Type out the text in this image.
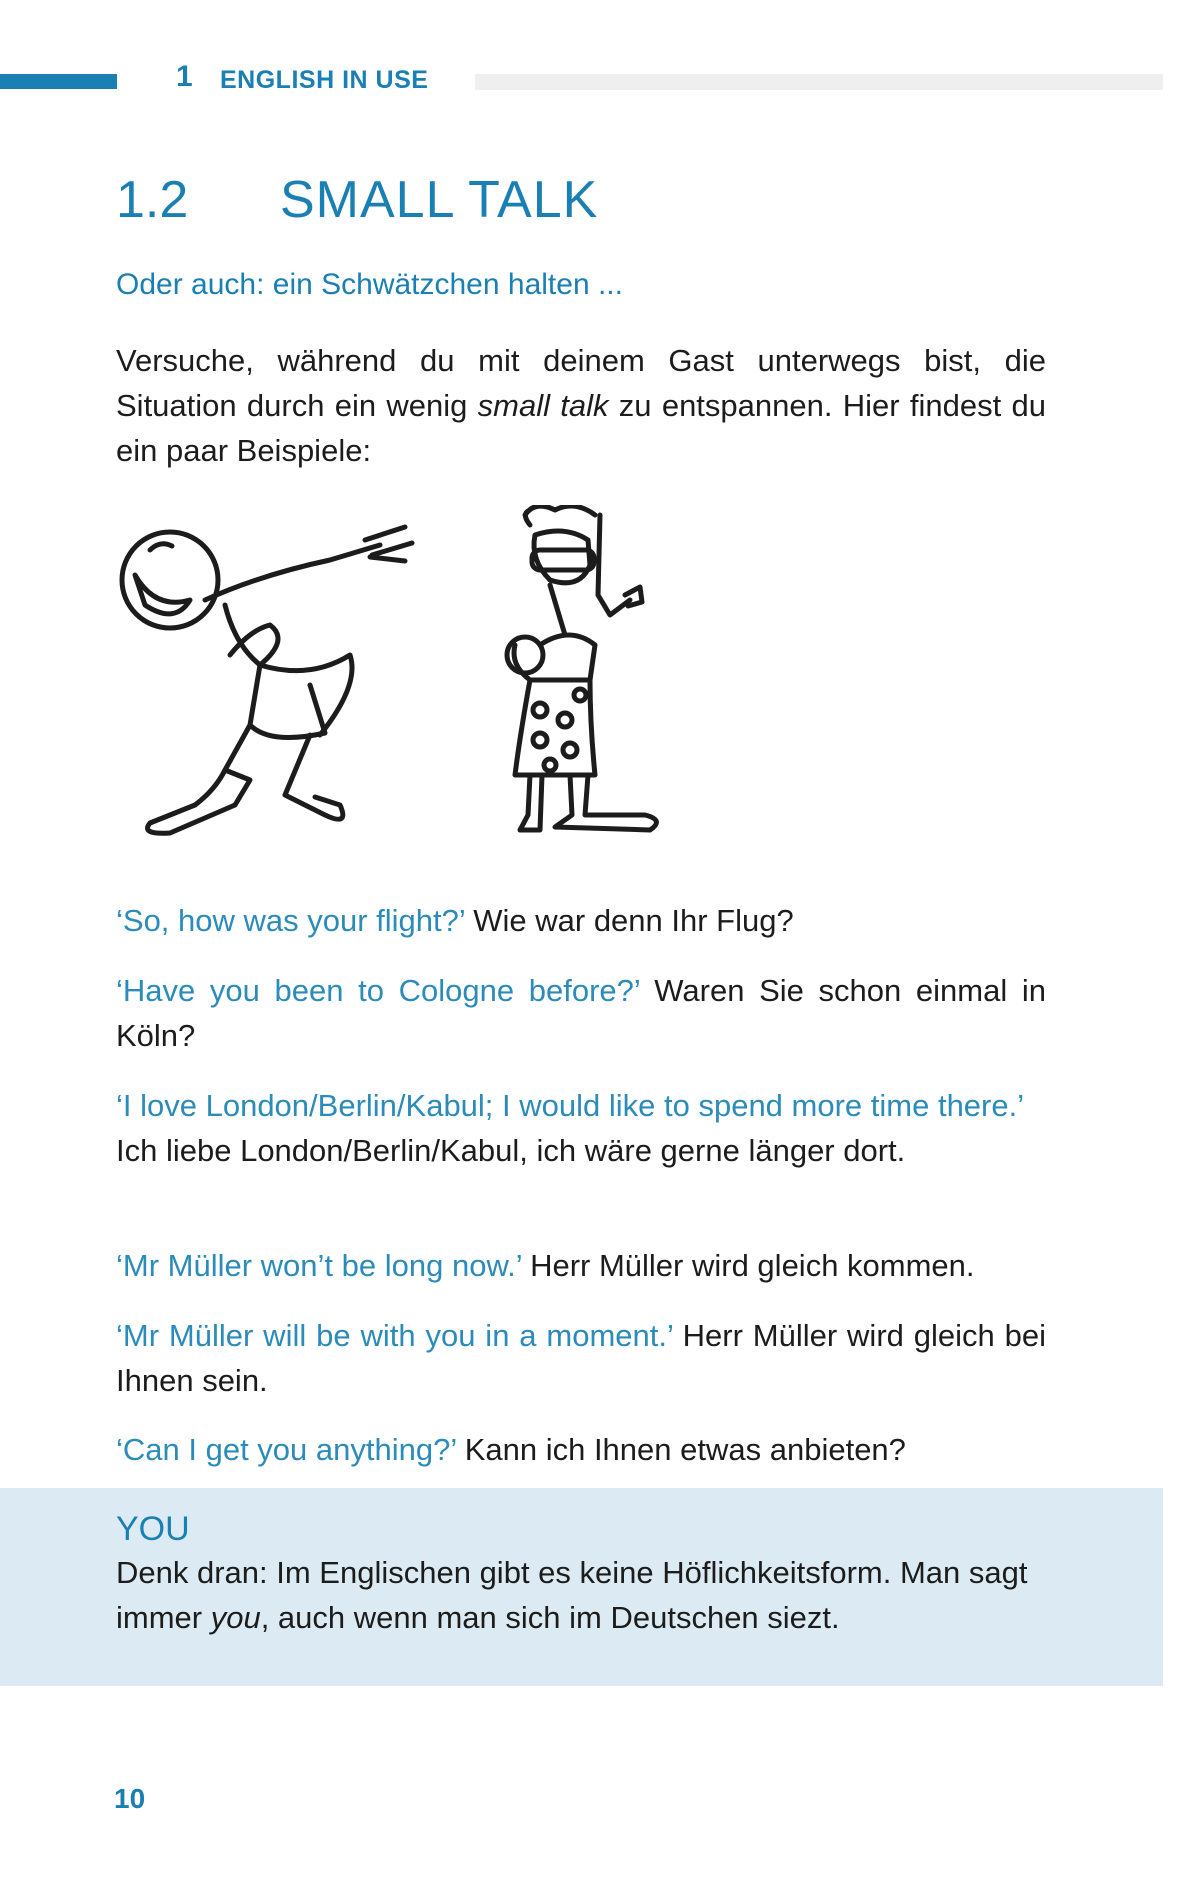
1 ENGLISH IN USE
1.2 SMALL TALK
Oder auch: ein Schwätzchen halten ...

Versuche, während du mit deinem Gast unterwegs bist, die Situation durch ein wenig small talk zu entspannen. Hier findest du ein paar Beispiele:

‘So, how was your flight?’ Wie war denn Ihr Flug?

‘Have you been to Cologne before?’ Waren Sie schon einmal in Köln?

‘I love London/Berlin/Kabul; I would like to spend more time there.’
Ich liebe London/Berlin/Kabul, ich wäre gerne länger dort.

‘Mr Müller won’t be long now.’ Herr Müller wird gleich kommen.

‘Mr Müller will be with you in a moment.’ Herr Müller wird gleich bei Ihnen sein.

‘Can I get you anything?’ Kann ich Ihnen etwas anbieten?

YOU

Denk dran: Im Englischen gibt es keine Höflichkeitsform. Man sagt immer you, auch wenn man sich im Deutschen siezt.

10
